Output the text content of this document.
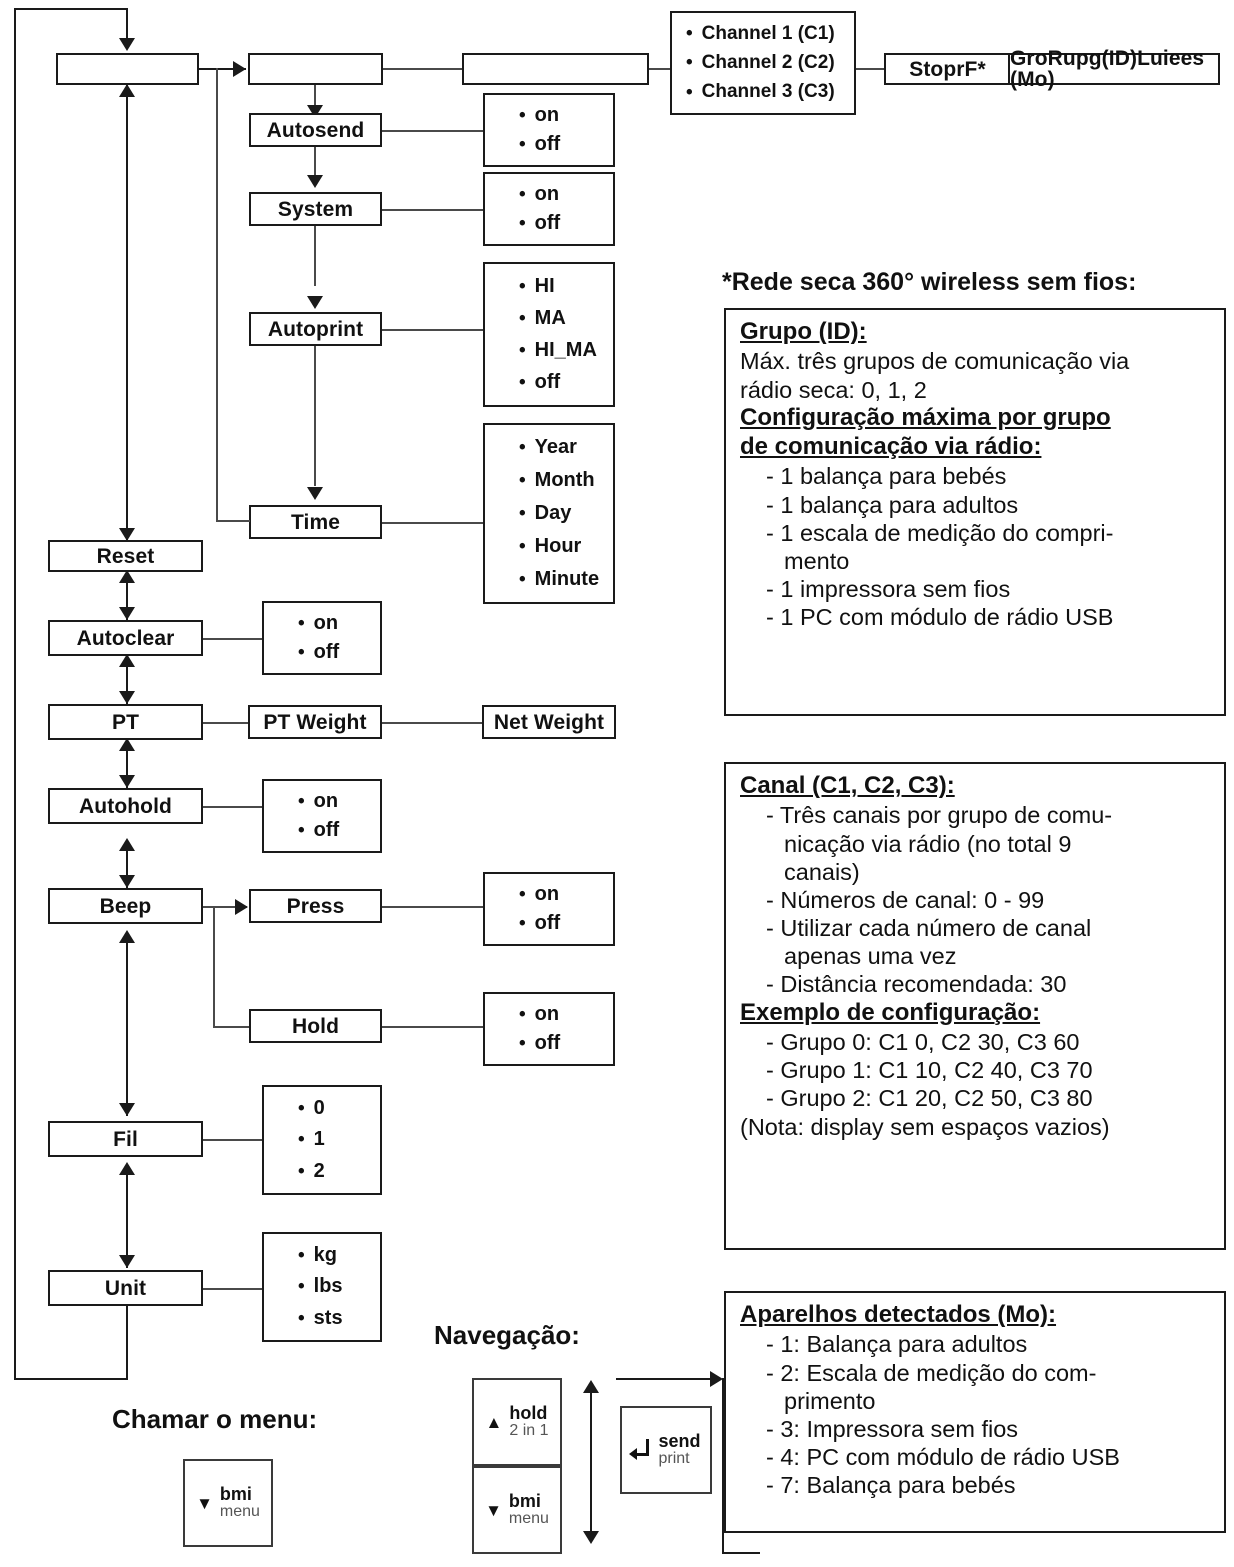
• Channel 1 (C1)
• Channel 2 (C2)
• Channel 3 (C3)
StoprF*	GroRupg(ID)Luiees (Mo)
Autosend
• on
• off
System
• on
• off
Autoprint
• HI
• MA
• HI_MA
• off
Time
• Year
• Month
• Day
• Hour
• Minute
Reset
Autoclear
• on
• off
PT	PT Weight	Net Weight
Autohold	• on
• off
Beep	Press
• on
• off
Hold
• on
• off
Fil
• 0
• 1
• 2
Unit
• kg
• lbs
• sts
*Rede seca 360° wireless sem fios:
Grupo (ID):
Máx. três grupos de comunicação via
rádio seca: 0, 1, 2
Configuração máxima por grupo
de comunicação via rádio:
- 1 balança para bebés
- 1 balança para adultos
- 1 escala de medição do compri-
mento
- 1 impressora sem fios
- 1 PC com módulo de rádio USB
Canal (C1, C2, C3):
- Três canais por grupo de comu-
nicação via rádio (no total 9
canais)
- Números de canal: 0 - 99
- Utilizar cada número de canal
apenas uma vez
- Distância recomendada: 30
Exemplo de configuração:
- Grupo 0: C1 0, C2 30, C3 60
- Grupo 1: C1 10, C2 40, C3 70
- Grupo 2: C1 20, C2 50, C3 80
(Nota: display sem espaços vazios)
Aparelhos detectados (Mo):
- 1: Balança para adultos
- 2: Escala de medição do com-
primento
- 3: Impressora sem fios
- 4: PC com módulo de rádio USB
- 7: Balança para bebés
Navegação:
▲ hold
2 in 1
▼ bmi
menu
send
print
Chamar o menu:
▼ bmi
menu
